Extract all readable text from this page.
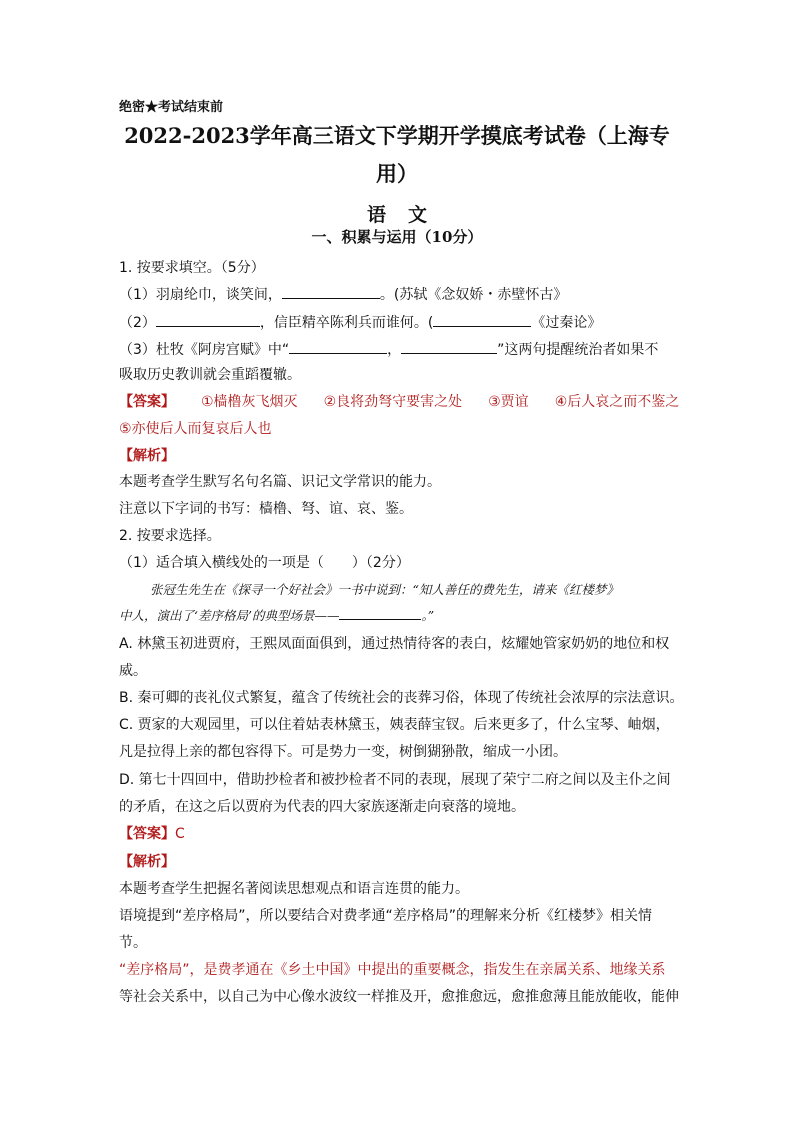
绝密★考试结束前
2022-2023学年高三语文下学期开学摸底考试卷（上海专
用）
语文
一、积累与运用（10分）
1. 按要求填空。（5分）
（1）羽扇纶巾，谈笑间，	。(苏轼《念奴娇・赤壁怀古》
（2）	，信臣精卒陈利兵而谁何。(	《过秦论》
（3）杜牧《阿房宫赋》中“	，	”这两句提醒统治者如果不
吸取历史教训就会重蹈覆辙。
【答案】 ①樯橹灰飞烟灭 ②良将劲弩守要害之处 ③贾谊 ④后人哀之而不鉴之
⑤亦使后人而复哀后人也
【解析】
本题考查学生默写名句名篇、识记文学常识的能力。
注意以下字词的书写：樯橹、弩、谊、哀、鉴。
2. 按要求选择。
（1）适合填入横线处的一项是（　　）（2分）
张冠生先生在《探寻一个好社会》一书中说到：“知人善任的费先生，请来《红楼梦》
中人，演出了‘差序格局’的典型场景——	。”
A. 林黛玉初进贾府，王熙凤面面俱到，通过热情待客的表白，炫耀她管家奶奶的地位和权
威。
B. 秦可卿的丧礼仪式繁复，蕴含了传统社会的丧葬习俗，体现了传统社会浓厚的宗法意识。
C. 贾家的大观园里，可以住着姑表林黛玉，姨表薛宝钗。后来更多了，什么宝琴、岫烟，
凡是拉得上亲的都包容得下。可是势力一变，树倒猢狲散，缩成一小团。
D. 第七十四回中，借助抄检者和被抄检者不同的表现，展现了荣宁二府之间以及主仆之间
的矛盾，在这之后以贾府为代表的四大家族逐渐走向衰落的境地。
【答案】C
【解析】
本题考查学生把握名著阅读思想观点和语言连贯的能力。
语境提到“差序格局”，所以要结合对费孝通“差序格局”的理解来分析《红楼梦》相关情
节。
“差序格局”，是费孝通在《乡土中国》中提出的重要概念，指发生在亲属关系、地缘关系
等社会关系中，以自己为中心像水波纹一样推及开，愈推愈远，愈推愈薄且能放能收，能伸
